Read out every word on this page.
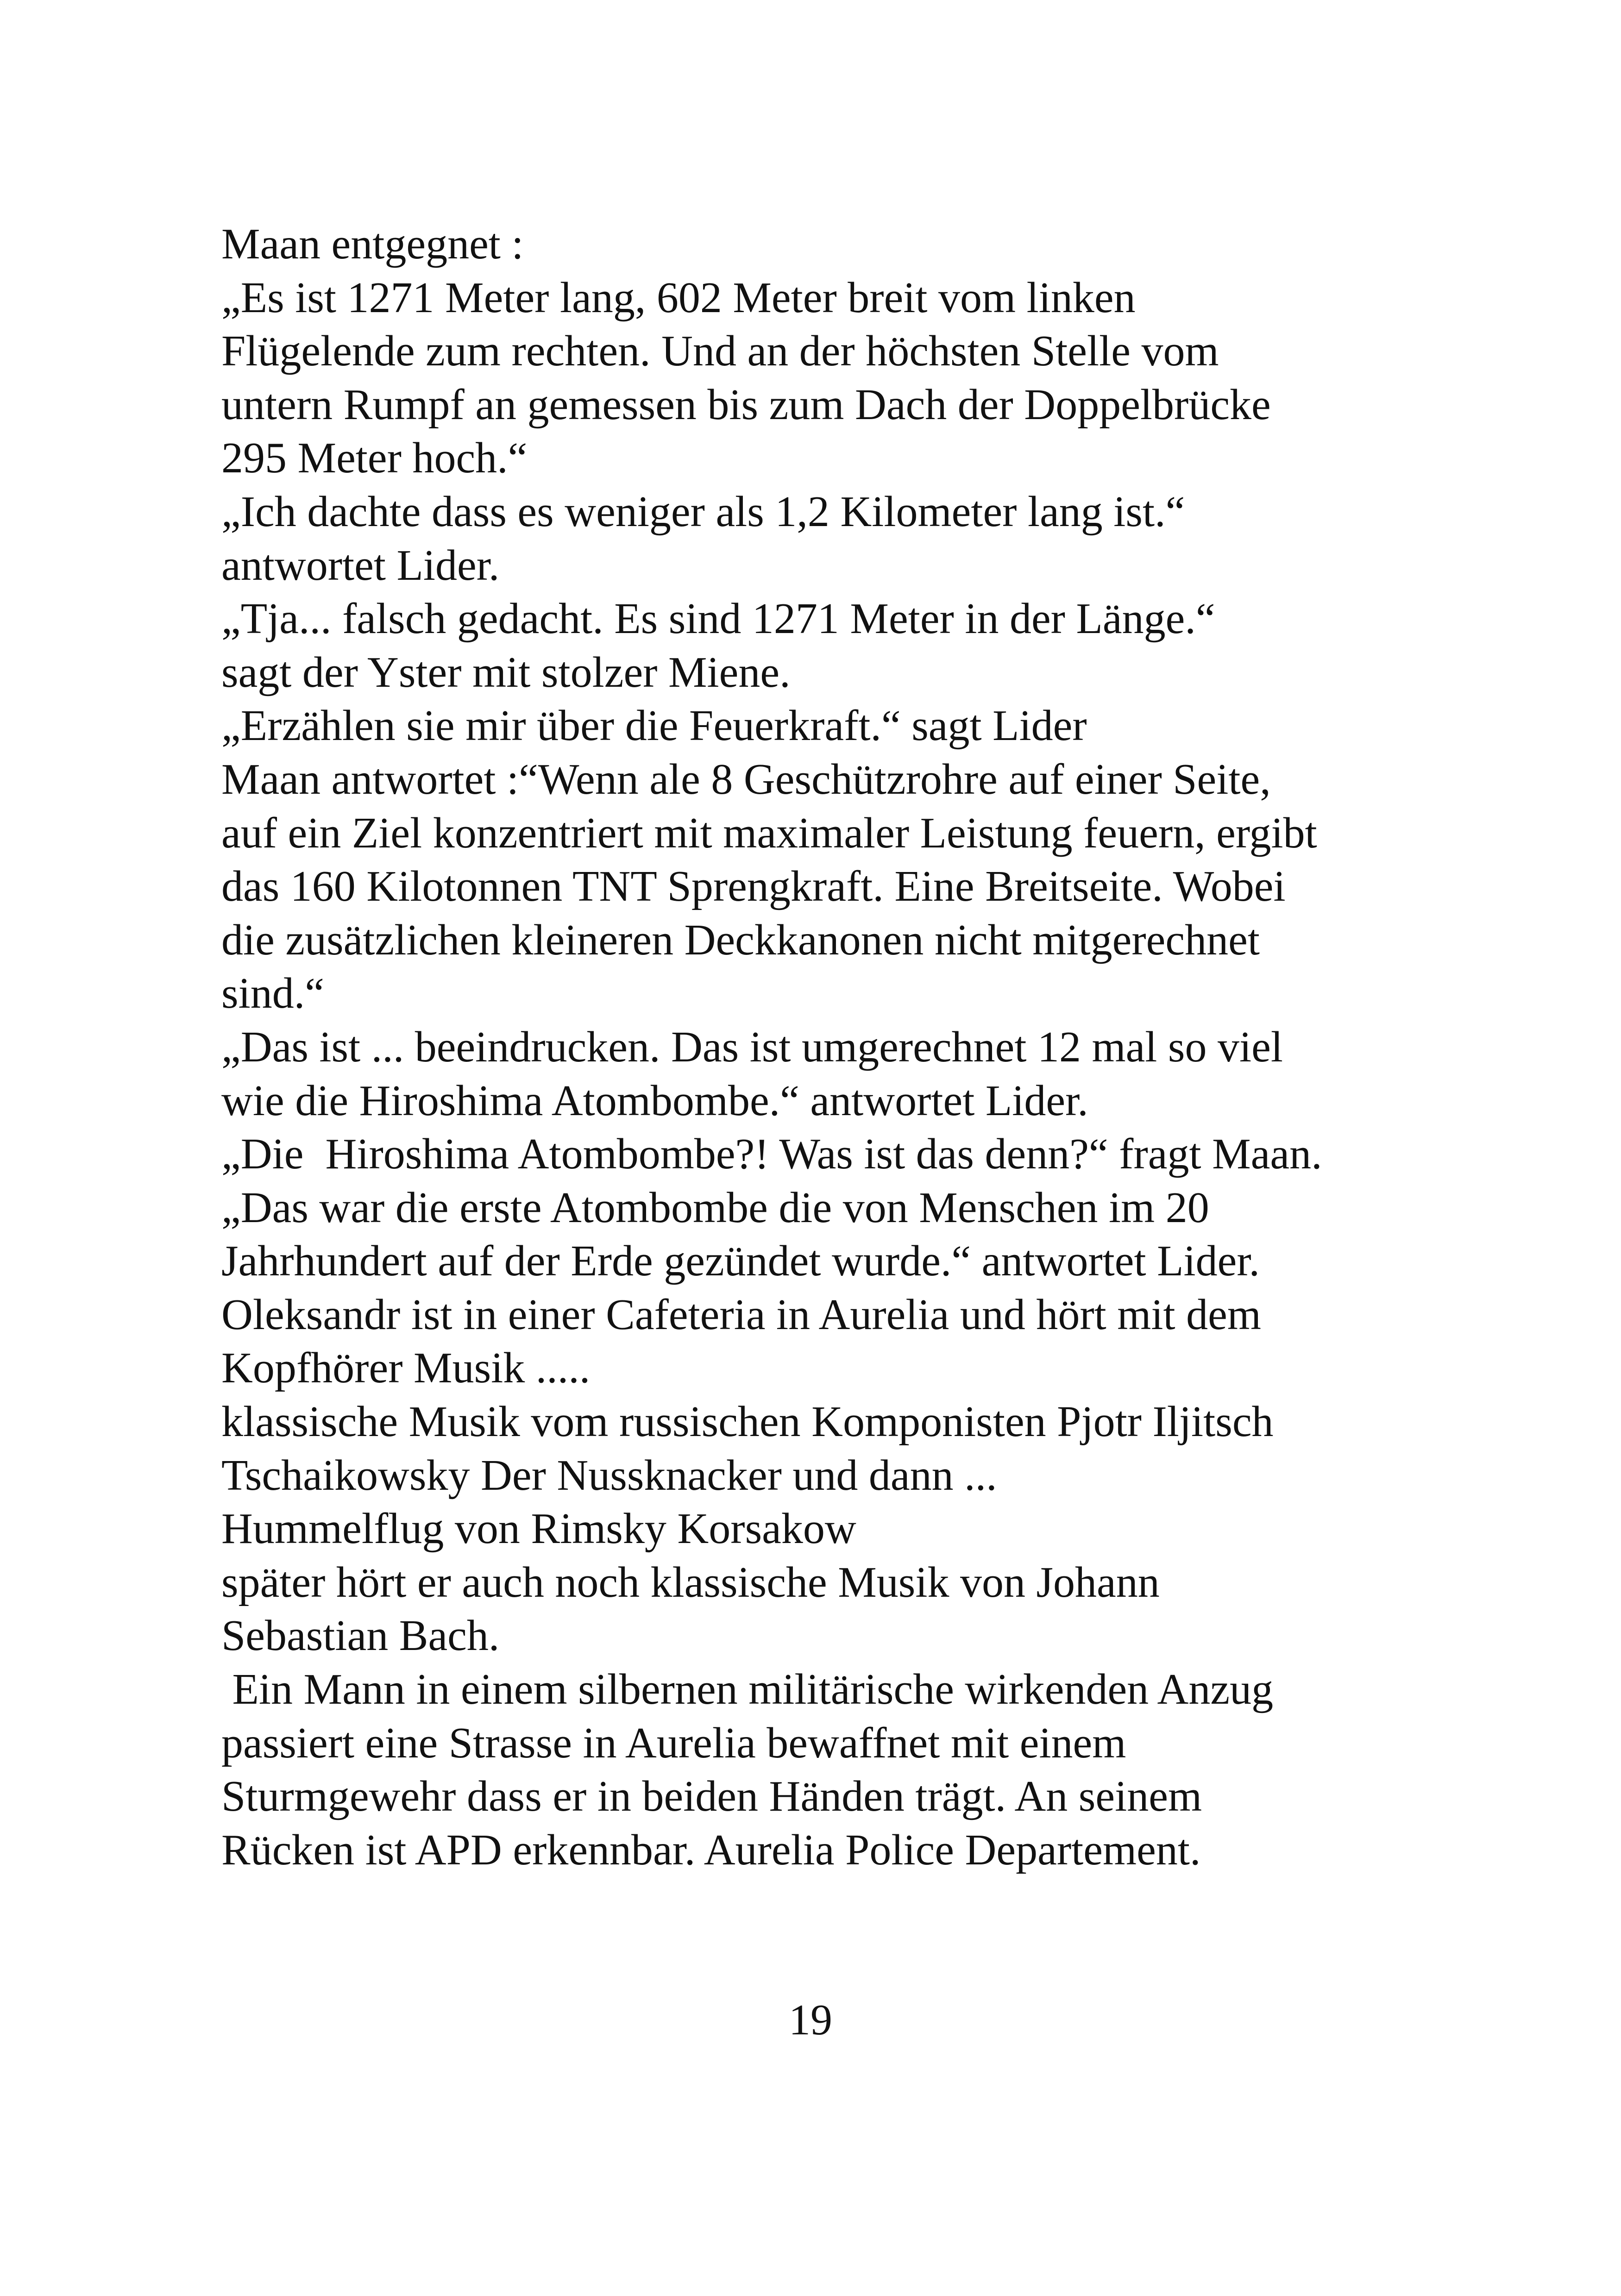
Maan entgegnet :
„Es ist 1271 Meter lang, 602 Meter breit vom linken
Flügelende zum rechten. Und an der höchsten Stelle vom
untern Rumpf an gemessen bis zum Dach der Doppelbrücke
295 Meter hoch.“
„Ich dachte dass es weniger als 1,2 Kilometer lang ist.“
antwortet Lider.
„Tja... falsch gedacht. Es sind 1271 Meter in der Länge.“
sagt der Yster mit stolzer Miene.
„Erzählen sie mir über die Feuerkraft.“ sagt Lider
Maan antwortet :“Wenn ale 8 Geschützrohre auf einer Seite,
auf ein Ziel konzentriert mit maximaler Leistung feuern, ergibt
das 160 Kilotonnen TNT Sprengkraft. Eine Breitseite. Wobei
die zusätzlichen kleineren Deckkanonen nicht mitgerechnet
sind.“
„Das ist ... beeindrucken. Das ist umgerechnet 12 mal so viel
wie die Hiroshima Atombombe.“ antwortet Lider.
„Die  Hiroshima Atombombe?! Was ist das denn?“ fragt Maan.
„Das war die erste Atombombe die von Menschen im 20
Jahrhundert auf der Erde gezündet wurde.“ antwortet Lider.
Oleksandr ist in einer Cafeteria in Aurelia und hört mit dem
Kopfhörer Musik .....
klassische Musik vom russischen Komponisten Pjotr Iljitsch
Tschaikowsky Der Nussknacker und dann ...
Hummelflug von Rimsky Korsakow
später hört er auch noch klassische Musik von Johann
Sebastian Bach.
Ein Mann in einem silbernen militärische wirkenden Anzug
passiert eine Strasse in Aurelia bewaffnet mit einem
Sturmgewehr dass er in beiden Händen trägt. An seinem
Rücken ist APD erkennbar. Aurelia Police Departement.
19
